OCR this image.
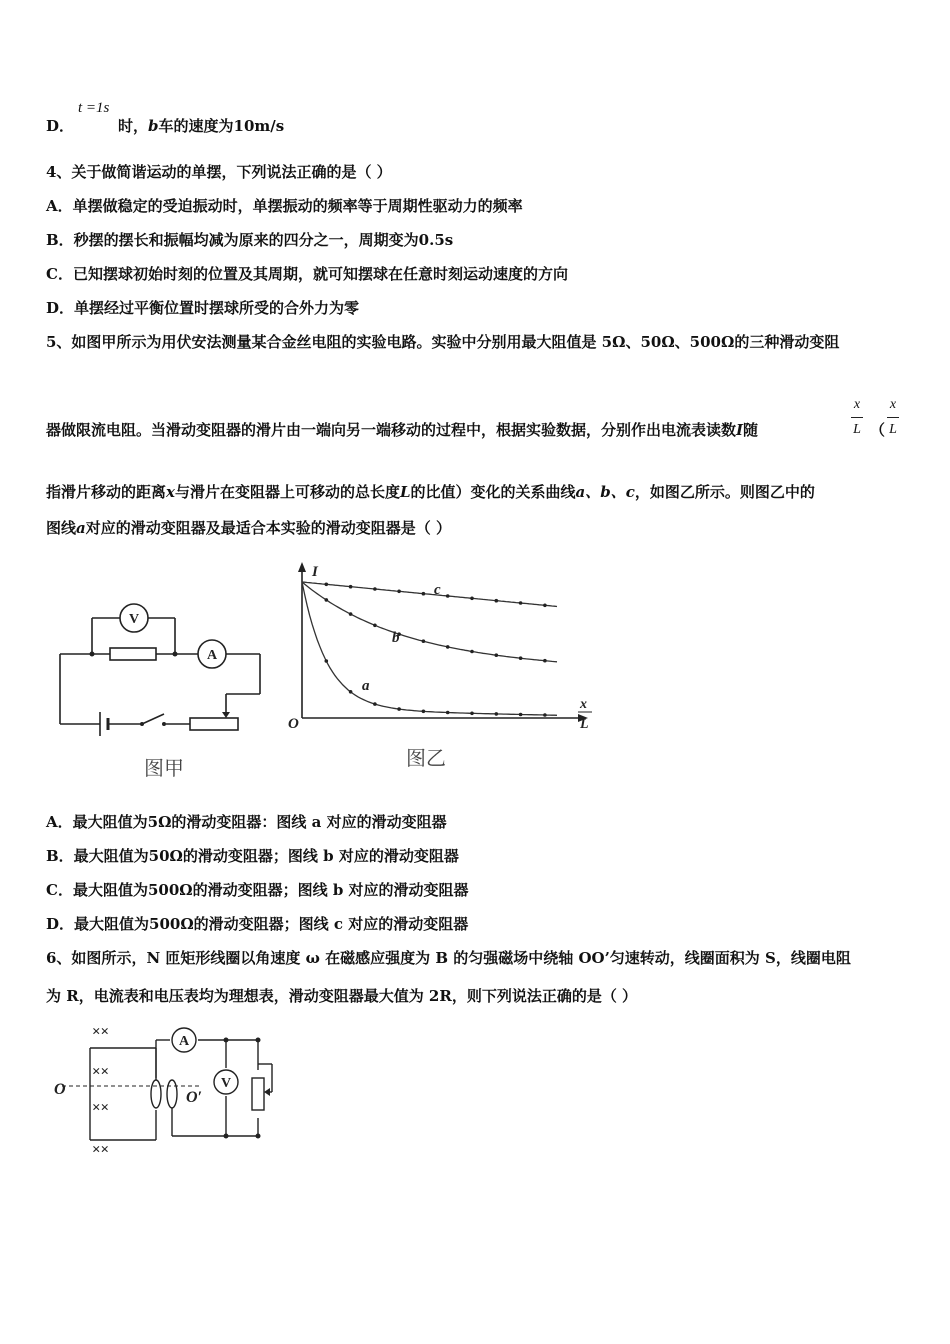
D．
t =1s
时，b车的速度为10m/s
4、关于做简谐运动的单摆，下列说法正确的是（ ）
A．单摆做稳定的受迫振动时，单摆振动的频率等于周期性驱动力的频率
B．秒摆的摆长和振幅均减为原来的四分之一，周期变为0.5s
C．已知摆球初始时刻的位置及其周期，就可知摆球在任意时刻运动速度的方向
D．单摆经过平衡位置时摆球所受的合外力为零
5、如图甲所示为用伏安法测量某合金丝电阻的实验电路。实验中分别用最大阻值是 5Ω、50Ω、500Ω的三种滑动变阻
器做限流电阻。当滑动变阻器的滑片由一端向另一端移动的过程中，根据实验数据，分别作出电流表读数I随
x
L （
x
L
指滑片移动的距离x与滑片在变阻器上可移动的总长度L的比值）变化的关系曲线a、b、c，如图乙所示。则图乙中的
图线a对应的滑动变阻器及最适合本实验的滑动变阻器是（ ）
V
A
图甲
I
O
x
L
c
b
a
图乙
A．最大阻值为5Ω的滑动变阻器：图线 a 对应的滑动变阻器
B．最大阻值为50Ω的滑动变阻器；图线 b 对应的滑动变阻器
C．最大阻值为500Ω的滑动变阻器；图线 b 对应的滑动变阻器
D．最大阻值为500Ω的滑动变阻器；图线 c 对应的滑动变阻器
6、如图所示，N 匝矩形线圈以角速度 ω 在磁感应强度为 B 的匀强磁场中绕轴 OO’匀速转动，线圈面积为 S，线圈电阻
为 R，电流表和电压表均为理想表，滑动变阻器最大值为 2R，则下列说法正确的是（ ）
A
V
O	O′
××
××
××
××
